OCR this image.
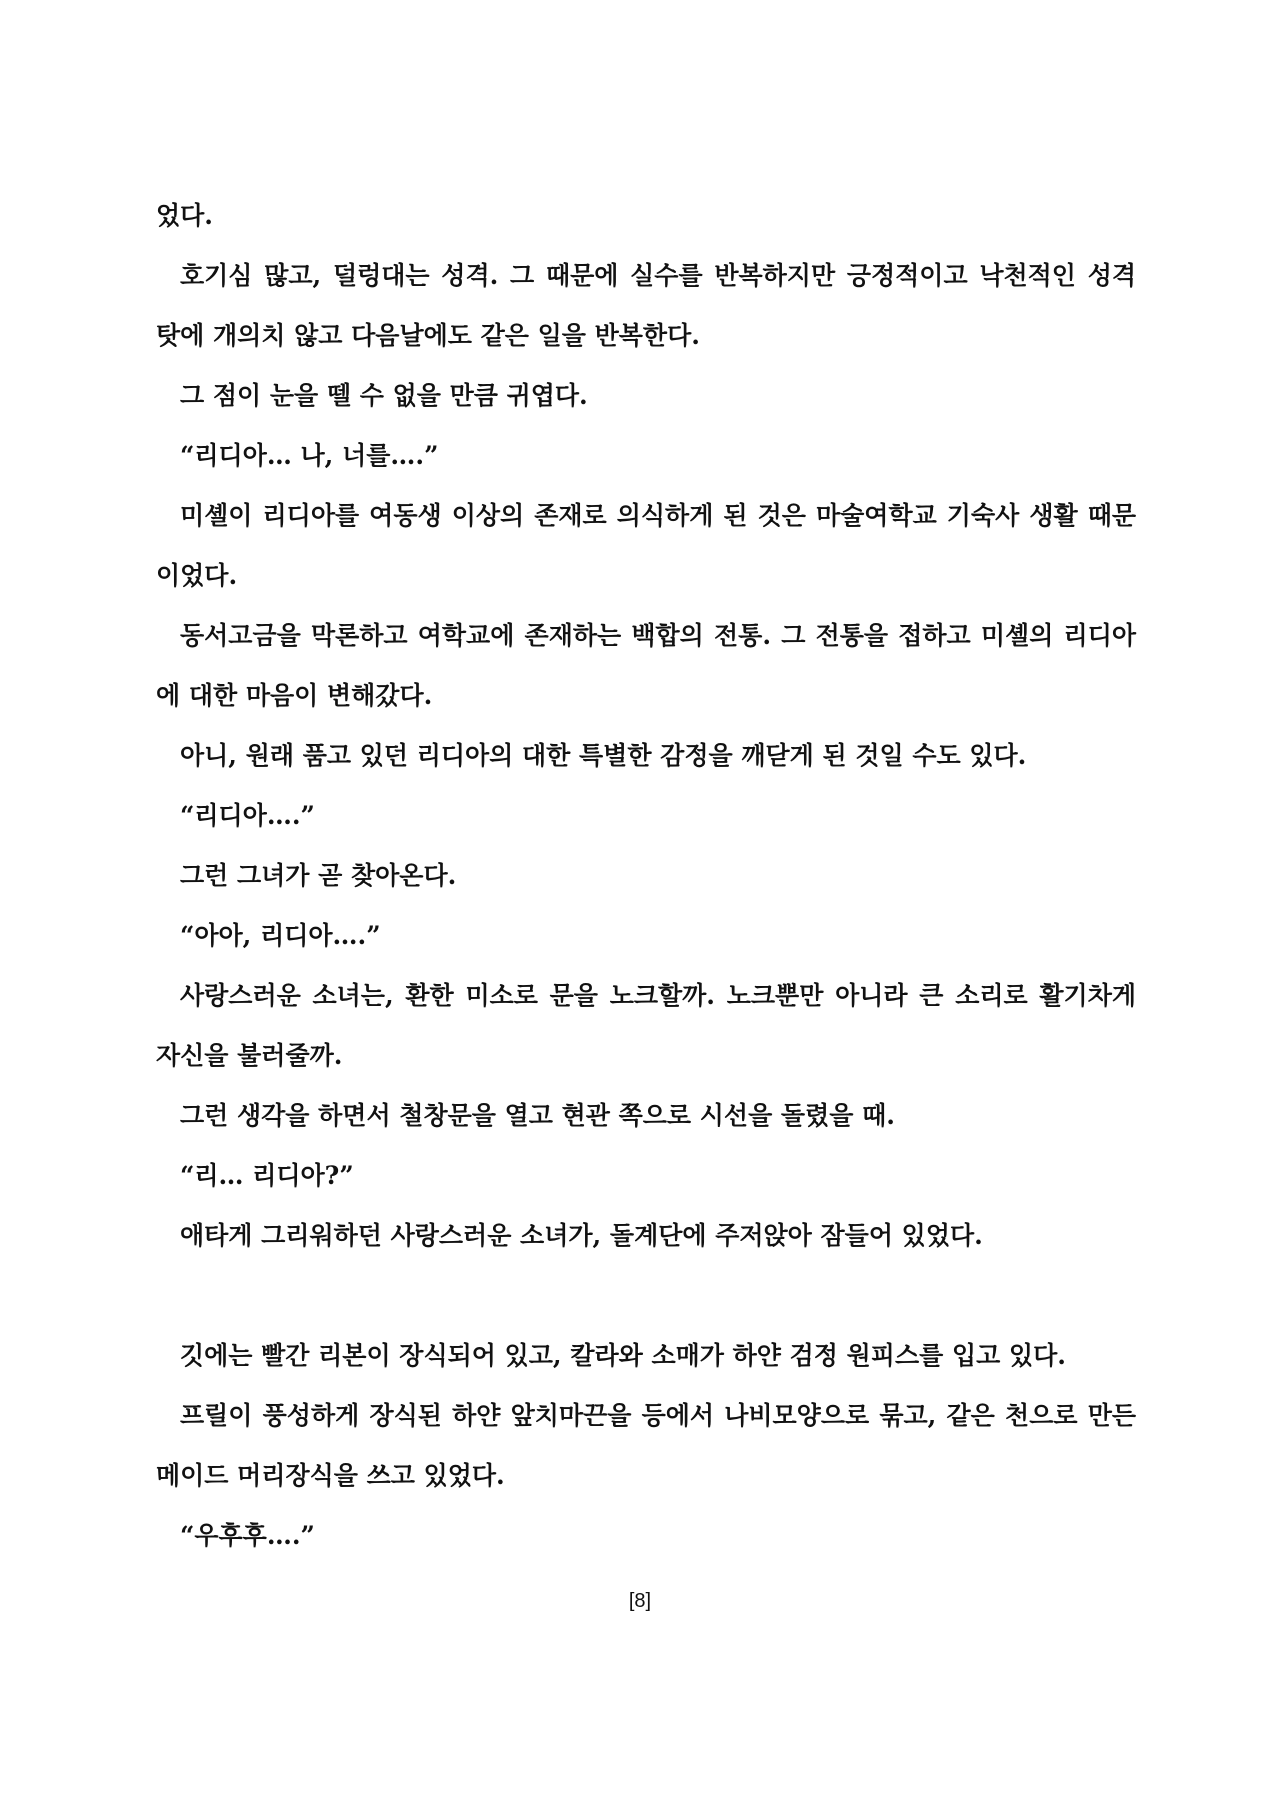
었다.

호기심 많고, 덜렁대는 성격. 그 때문에 실수를 반복하지만 긍정적이고 낙천적인 성격 탓에 개의치 않고 다음날에도 같은 일을 반복한다.

그 점이 눈을 뗄 수 없을 만큼 귀엽다.

“리디아… 나, 너를….”

미셸이 리디아를 여동생 이상의 존재로 의식하게 된 것은 마술여학교 기숙사 생활 때문이었다.

동서고금을 막론하고 여학교에 존재하는 백합의 전통. 그 전통을 접하고 미셸의 리디아에 대한 마음이 변해갔다.

아니, 원래 품고 있던 리디아의 대한 특별한 감정을 깨닫게 된 것일 수도 있다.

“리디아….”

그런 그녀가 곧 찾아온다.

“아아, 리디아….”

사랑스러운 소녀는, 환한 미소로 문을 노크할까. 노크뿐만 아니라 큰 소리로 활기차게 자신을 불러줄까.

그런 생각을 하면서 철창문을 열고 현관 쪽으로 시선을 돌렸을 때.

“리… 리디아?”

애타게 그리워하던 사랑스러운 소녀가, 돌계단에 주저앉아 잠들어 있었다.

깃에는 빨간 리본이 장식되어 있고, 칼라와 소매가 하얀 검정 원피스를 입고 있다.

프릴이 풍성하게 장식된 하얀 앞치마끈을 등에서 나비모양으로 묶고, 같은 천으로 만든 메이드 머리장식을 쓰고 있었다.

“우후후….”

[8]
